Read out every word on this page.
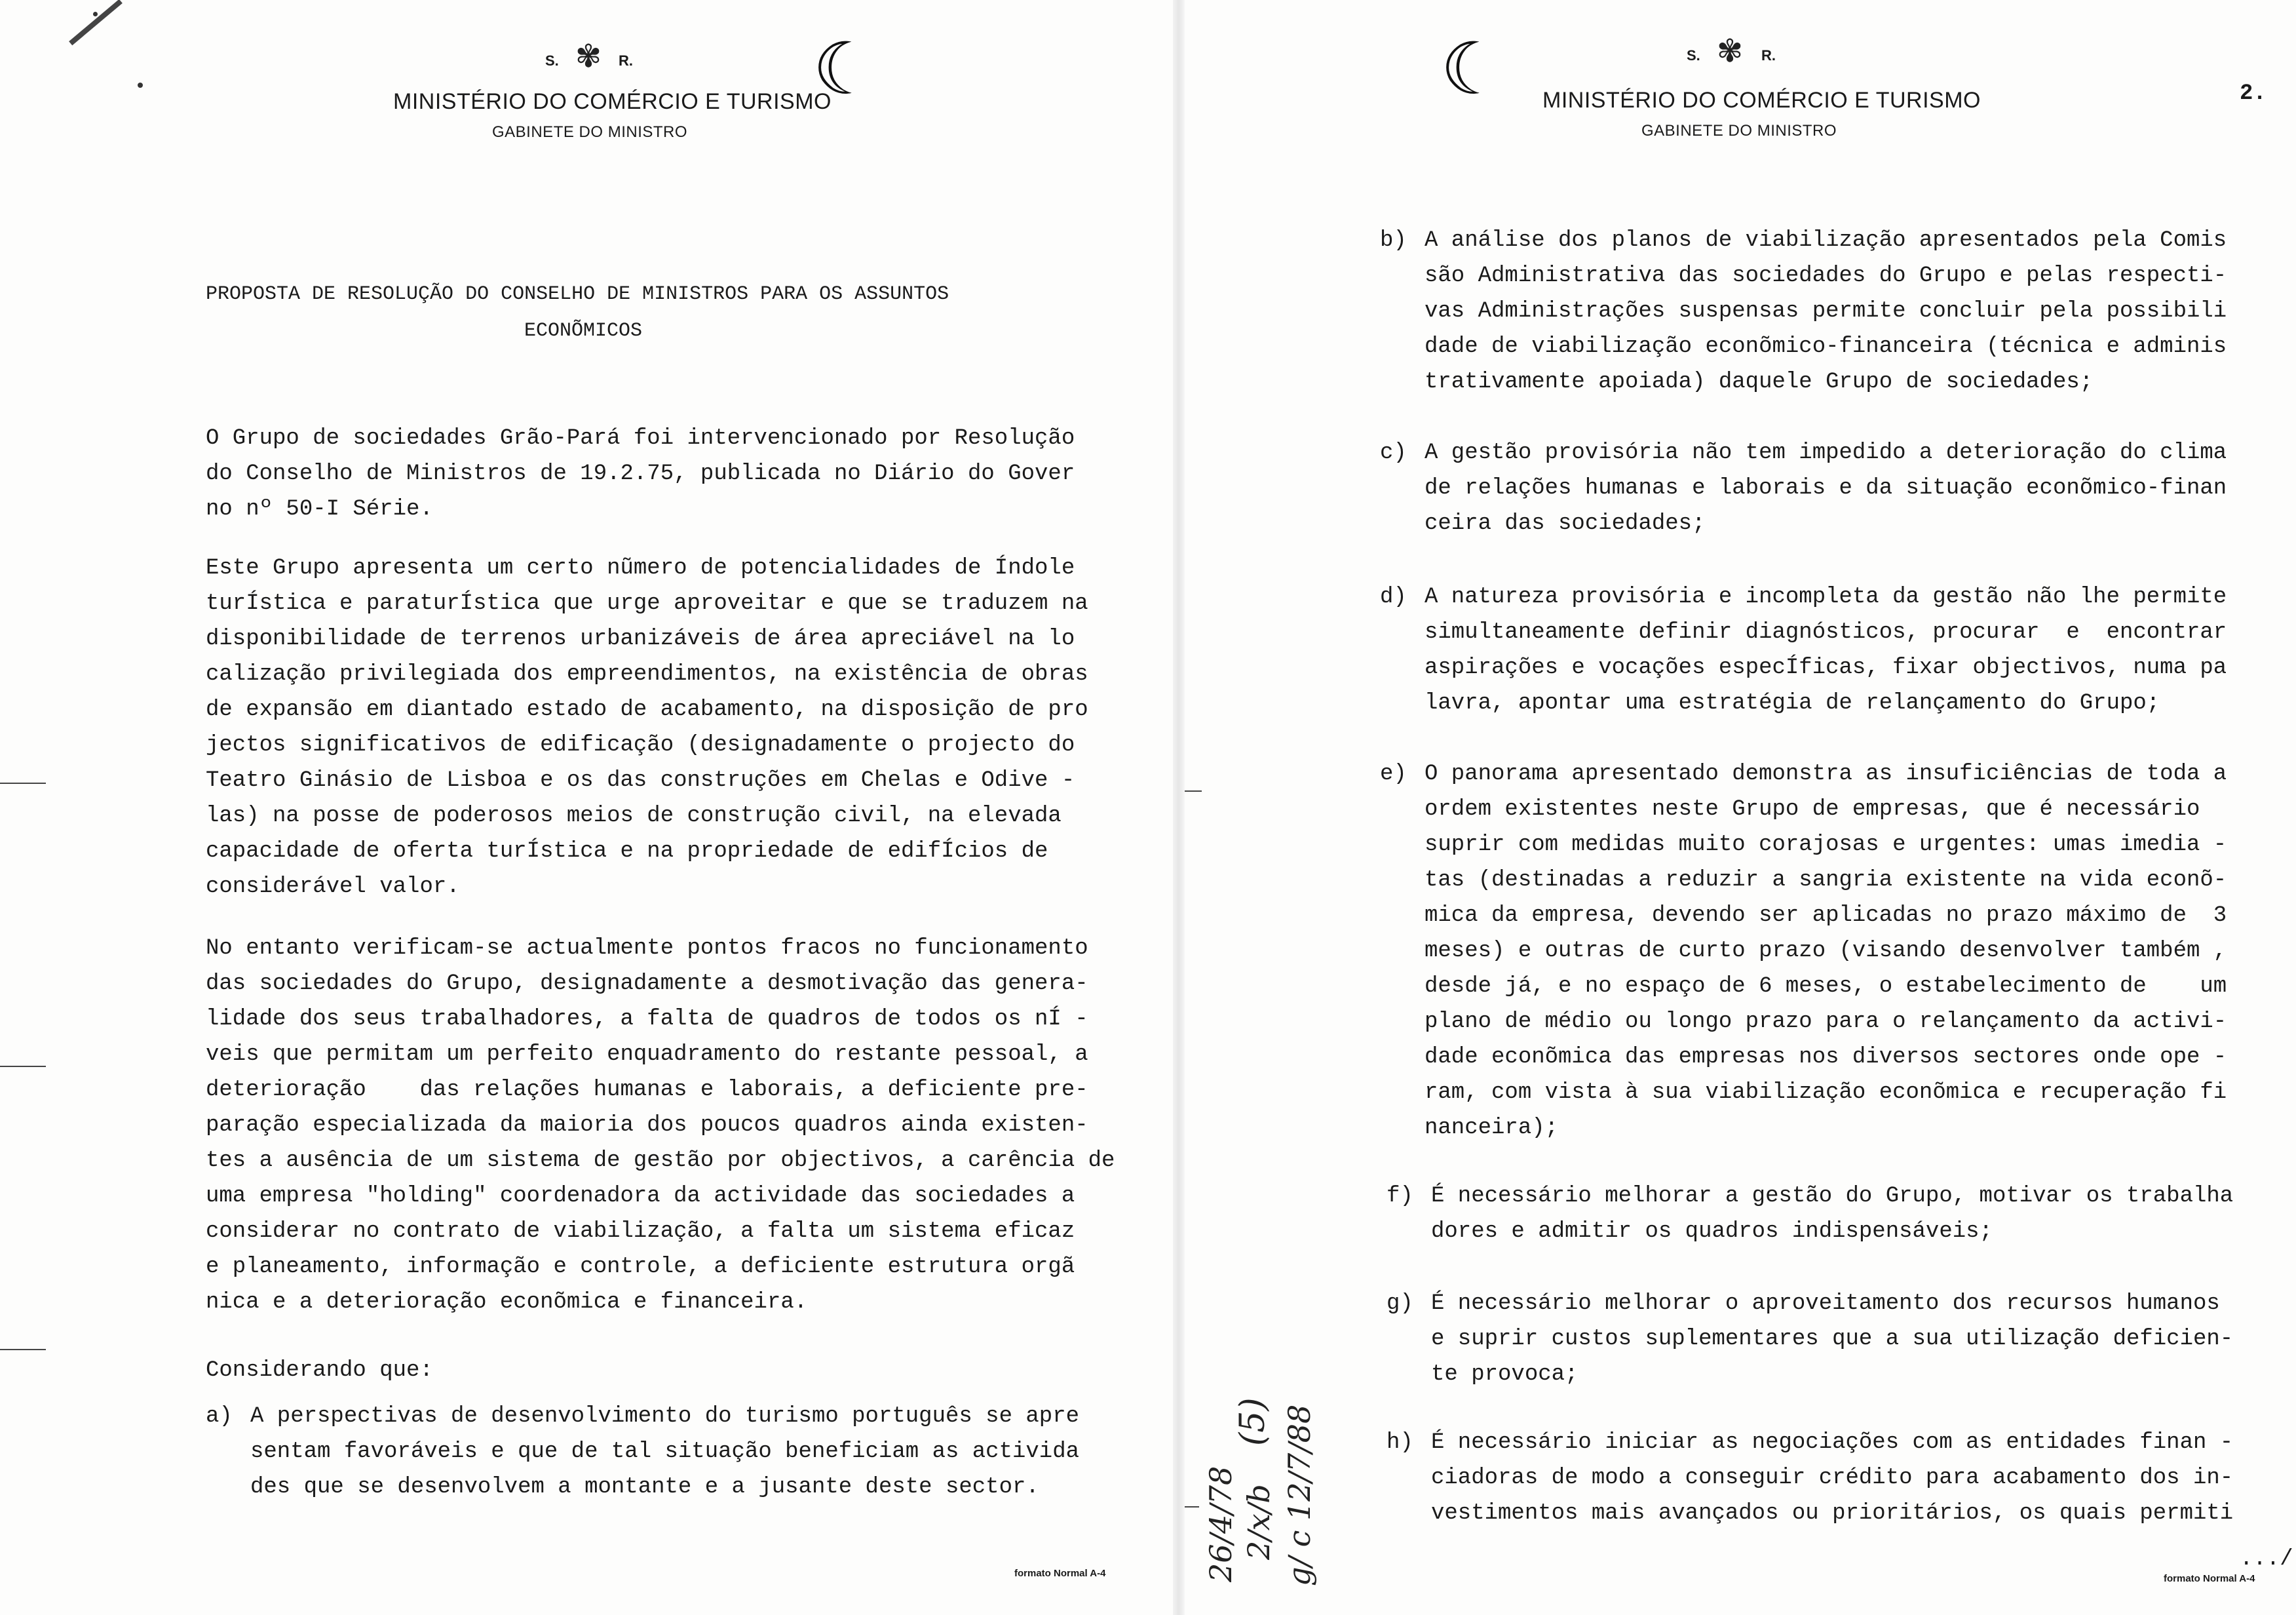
S. ✾	R.
MINISTÉRIO DO COMÉRCIO E TURISMO
GABINETE DO MINISTRO
☾
PROPOSTA DE RESOLUÇÃO DO CONSELHO DE MINISTROS PARA OS ASSUNTOS
ECONÕMICOS
O Grupo de sociedades Grão-Pará foi intervencionado por Resolução
do Conselho de Ministros de 19.2.75, publicada no Diário do Gover
no nº 50-I Série.
Este Grupo apresenta um certo nũmero de potencialidades de Índole
turÍstica e paraturÍstica que urge aproveitar e que se traduzem na
disponibilidade de terrenos urbanizáveis de área apreciável na lo
calização privilegiada dos empreendimentos, na existência de obras
de expansão em diantado estado de acabamento, na disposição de pro
jectos significativos de edificação (designadamente o projecto do
Teatro Ginásio de Lisboa e os das construções em Chelas e Odive -
las) na posse de poderosos meios de construção civil, na elevada
capacidade de oferta turÍstica e na propriedade de edifÍcios de
considerável valor.
No entanto verificam-se actualmente pontos fracos no funcionamento
das sociedades do Grupo, designadamente a desmotivação das genera-
lidade dos seus trabalhadores, a falta de quadros de todos os nÍ -
veis que permitam um perfeito enquadramento do restante pessoal, a
deterioração    das relações humanas e laborais, a deficiente pre-
paração especializada da maioria dos poucos quadros ainda existen-
tes a ausência de um sistema de gestão por objectivos, a carência de
uma empresa "holding" coordenadora da actividade das sociedades a
considerar no contrato de viabilização, a falta um sistema eficaz
e planeamento, informação e controle, a deficiente estrutura orgã
nica e a deterioração econõmica e financeira.
Considerando que:
a) A perspectivas de desenvolvimento do turismo português se apre
sentam favoráveis e que de tal situação beneficiam as activida
des que se desenvolvem a montante e a jusante deste sector.
formato Normal A-4
☾	S. ✾	R.
MINISTÉRIO DO COMÉRCIO E TURISMO
GABINETE DO MINISTRO
2.
b) A análise dos planos de viabilização apresentados pela Comis
são Administrativa das sociedades do Grupo e pelas respecti-
vas Administrações suspensas permite concluir pela possibili
dade de viabilização econõmico-financeira (técnica e adminis
trativamente apoiada) daquele Grupo de sociedades;
c) A gestão provisória não tem impedido a deterioração do clima
de relações humanas e laborais e da situação econõmico-finan
ceira das sociedades;
d) A natureza provisória e incompleta da gestão não lhe permite
simultaneamente definir diagnósticos, procurar  e  encontrar
aspirações e vocações especÍficas, fixar objectivos, numa pa
lavra, apontar uma estratégia de relançamento do Grupo;
e) O panorama apresentado demonstra as insuficiências de toda a
ordem existentes neste Grupo de empresas, que é necessário
suprir com medidas muito corajosas e urgentes: umas imedia -
tas (destinadas a reduzir a sangria existente na vida econõ-
mica da empresa, devendo ser aplicadas no prazo máximo de  3
meses) e outras de curto prazo (visando desenvolver também ,
desde já, e no espaço de 6 meses, o estabelecimento de    um
plano de médio ou longo prazo para o relançamento da activi-
dade econõmica das empresas nos diversos sectores onde ope -
ram, com vista à sua viabilização econõmica e recuperação fi
nanceira);
f) É necessário melhorar a gestão do Grupo, motivar os trabalha
dores e admitir os quadros indispensáveis;
g) É necessário melhorar o aproveitamento dos recursos humanos
e suprir custos suplementares que a sua utilização deficien-
te provoca;
h) É necessário iniciar as negociações com as entidades finan -
ciadoras de modo a conseguir crédito para acabamento dos in-
vestimentos mais avançados ou prioritários, os quais permiti
.../
formato Normal A-4
(5)
26/4/78 2/x/b g/ c 12/7/88
